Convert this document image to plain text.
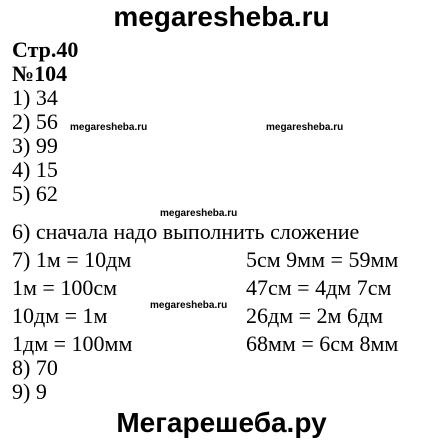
megaresheba.ru
Стр.40
№104
1) 34
2) 56 megaresheba.ru	megaresheba.ru
3) 99
4) 15
5) 62
megaresheba.ru
6) сначала надо выполнить сложение
7) 1м = 10дм	5см 9мм = 59мм
1м = 100см	47см = 4дм 7см
megaresheba.ru
10дм = 1м	26дм = 2м 6дм
1дм = 100мм	68мм = 6см 8мм
8) 70
9) 9
Мегарешеба.ру
